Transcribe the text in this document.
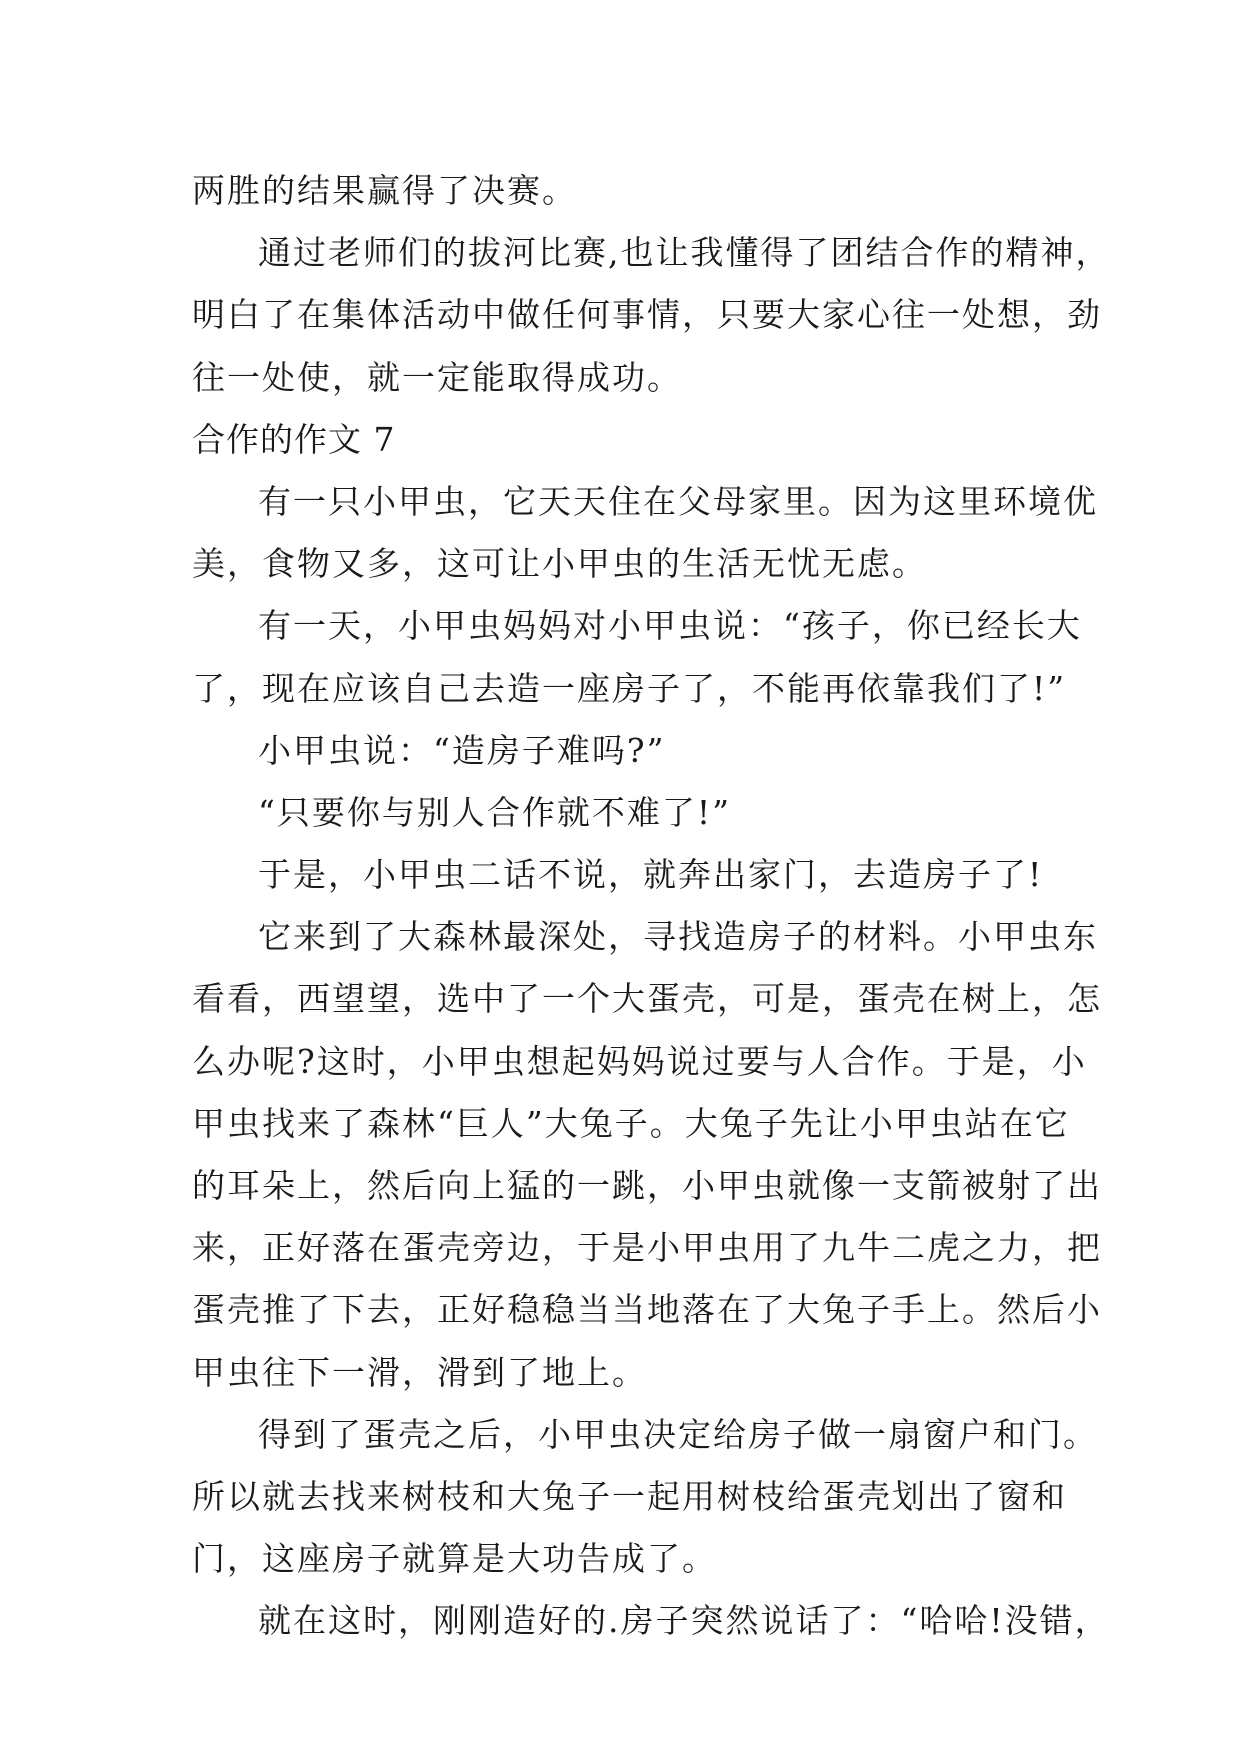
两胜的结果赢得了决赛。
通过老师们的拔河比赛,也让我懂得了团结合作的精神，
明白了在集体活动中做任何事情，只要大家心往一处想，劲
往一处使，就一定能取得成功。
合作的作文 7
有一只小甲虫，它天天住在父母家里。因为这里环境优
美，食物又多，这可让小甲虫的生活无忧无虑。
有一天，小甲虫妈妈对小甲虫说：“孩子，你已经长大
了，现在应该自己去造一座房子了，不能再依靠我们了!”
小甲虫说：“造房子难吗?”
“只要你与别人合作就不难了!”
于是，小甲虫二话不说，就奔出家门，去造房子了!
它来到了大森林最深处，寻找造房子的材料。小甲虫东
看看，西望望，选中了一个大蛋壳，可是，蛋壳在树上，怎
么办呢?这时，小甲虫想起妈妈说过要与人合作。于是，小
甲虫找来了森林“巨人”大兔子。大兔子先让小甲虫站在它
的耳朵上，然后向上猛的一跳，小甲虫就像一支箭被射了出
来，正好落在蛋壳旁边，于是小甲虫用了九牛二虎之力，把
蛋壳推了下去，正好稳稳当当地落在了大兔子手上。然后小
甲虫往下一滑，滑到了地上。
得到了蛋壳之后，小甲虫决定给房子做一扇窗户和门。
所以就去找来树枝和大兔子一起用树枝给蛋壳划出了窗和
门，这座房子就算是大功告成了。
就在这时，刚刚造好的.房子突然说话了：“哈哈!没错，
